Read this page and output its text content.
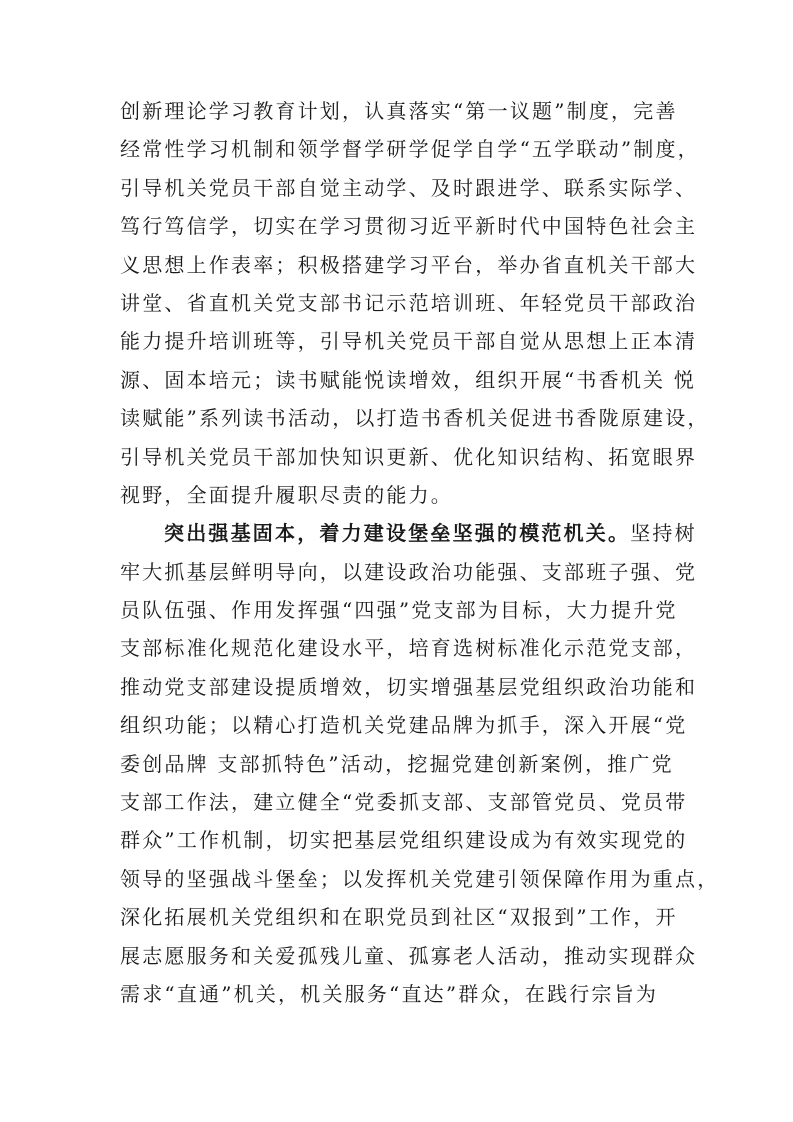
创新理论学习教育计划，认真落实“第一议题”制度，完善
经常性学习机制和领学督学研学促学自学“五学联动”制度，
引导机关党员干部自觉主动学、及时跟进学、联系实际学、
笃行笃信学，切实在学习贯彻习近平新时代中国特色社会主
义思想上作表率；积极搭建学习平台，举办省直机关干部大
讲堂、省直机关党支部书记示范培训班、年轻党员干部政治
能力提升培训班等，引导机关党员干部自觉从思想上正本清
源、固本培元；读书赋能悦读增效，组织开展“书香机关 悦
读赋能”系列读书活动，以打造书香机关促进书香陇原建设，
引导机关党员干部加快知识更新、优化知识结构、拓宽眼界
视野，全面提升履职尽责的能力。
突出强基固本，着力建设堡垒坚强的模范机关。坚持树
牢大抓基层鲜明导向，以建设政治功能强、支部班子强、党
员队伍强、作用发挥强“四强”党支部为目标，大力提升党
支部标准化规范化建设水平，培育选树标准化示范党支部，
推动党支部建设提质增效，切实增强基层党组织政治功能和
组织功能；以精心打造机关党建品牌为抓手，深入开展“党
委创品牌 支部抓特色”活动，挖掘党建创新案例，推广党
支部工作法，建立健全“党委抓支部、支部管党员、党员带
群众”工作机制，切实把基层党组织建设成为有效实现党的
领导的坚强战斗堡垒；以发挥机关党建引领保障作用为重点，
深化拓展机关党组织和在职党员到社区“双报到”工作，开
展志愿服务和关爱孤残儿童、孤寡老人活动，推动实现群众
需求“直通”机关，机关服务“直达”群众，在践行宗旨为
